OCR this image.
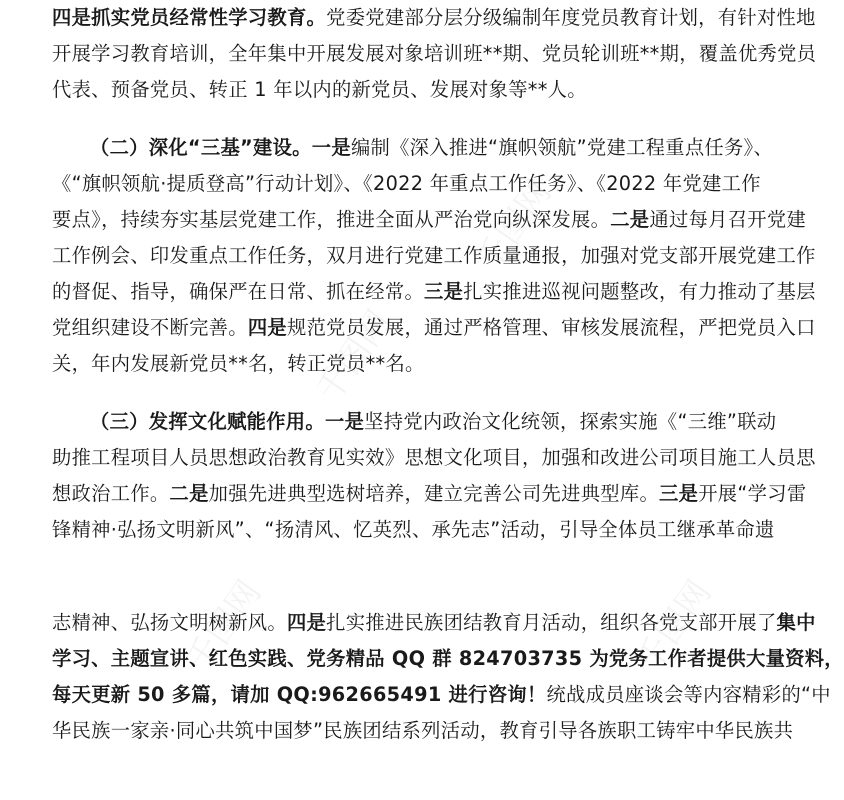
四是抓实党员经常性学习教育。党委党建部分层分级编制年度党员教育计划，有针对性地
开展学习教育培训，全年集中开展发展对象培训班**期、党员轮训班**期，覆盖优秀党员
代表、预备党员、转正 1 年以内的新党员、发展对象等**人。
（二）深化“三基”建设。一是编制《深入推进“旗帜领航”党建工程重点任务》、
《“旗帜领航·提质登高”行动计划》、《2022 年重点工作任务》、《2022 年党建工作
要点》，持续夯实基层党建工作，推进全面从严治党向纵深发展。二是通过每月召开党建
工作例会、印发重点工作任务，双月进行党建工作质量通报，加强对党支部开展党建工作
的督促、指导，确保严在日常、抓在经常。三是扎实推进巡视问题整改，有力推动了基层
党组织建设不断完善。四是规范党员发展，通过严格管理、审核发展流程，严把党员入口
关，年内发展新党员**名，转正党员**名。
（三）发挥文化赋能作用。一是坚持党内政治文化统领，探索实施《“三维”联动
助推工程项目人员思想政治教育见实效》思想文化项目，加强和改进公司项目施工人员思
想政治工作。二是加强先进典型选树培养，建立完善公司先进典型库。三是开展“学习雷
锋精神·弘扬文明新风”、“扬清风、忆英烈、承先志”活动，引导全体员工继承革命遗
志精神、弘扬文明树新风。四是扎实推进民族团结教育月活动，组织各党支部开展了集中
学习、主题宣讲、红色实践、党务精品 QQ 群 824703735 为党务工作者提供大量资料，
每天更新 50 多篇，请加 QQ:962665491 进行咨询！统战成员座谈会等内容精彩的“中
华民族一家亲·同心共筑中国梦”民族团结系列活动，教育引导各族职工铸牢中华民族共
